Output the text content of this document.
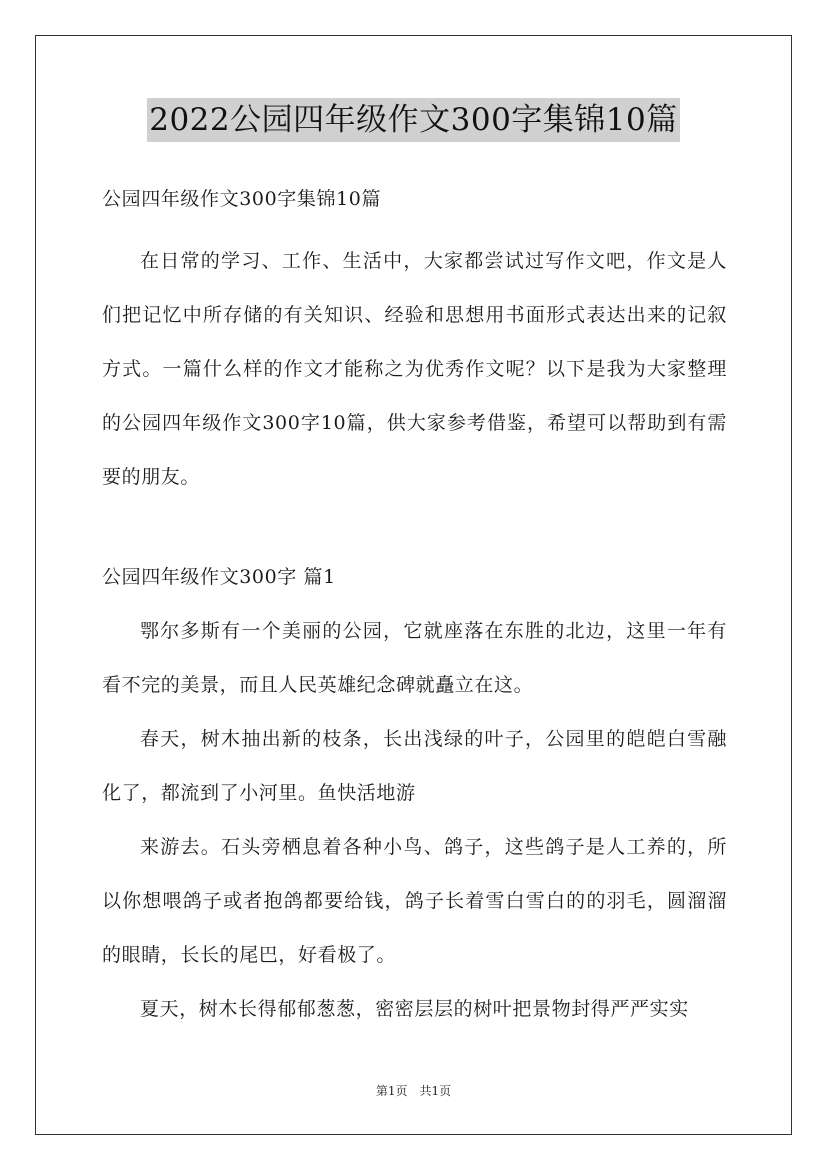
2022公园四年级作文300字集锦10篇
公园四年级作文300字集锦10篇

在日常的学习、工作、生活中，大家都尝试过写作文吧，作文是人们把记忆中所存储的有关知识、经验和思想用书面形式表达出来的记叙方式。一篇什么样的作文才能称之为优秀作文呢？以下是我为大家整理的公园四年级作文300字10篇，供大家参考借鉴，希望可以帮助到有需要的朋友。

公园四年级作文300字 篇1

鄂尔多斯有一个美丽的公园，它就座落在东胜的北边，这里一年有看不完的美景，而且人民英雄纪念碑就矗立在这。

春天，树木抽出新的枝条，长出浅绿的叶子，公园里的皑皑白雪融化了，都流到了小河里。鱼快活地游

来游去。石头旁栖息着各种小鸟、鸽子，这些鸽子是人工养的，所以你想喂鸽子或者抱鸽都要给钱，鸽子长着雪白雪白的的羽毛，圆溜溜的眼睛，长长的尾巴，好看极了。

夏天，树木长得郁郁葱葱，密密层层的树叶把景物封得严严实实

第1页　共1页
